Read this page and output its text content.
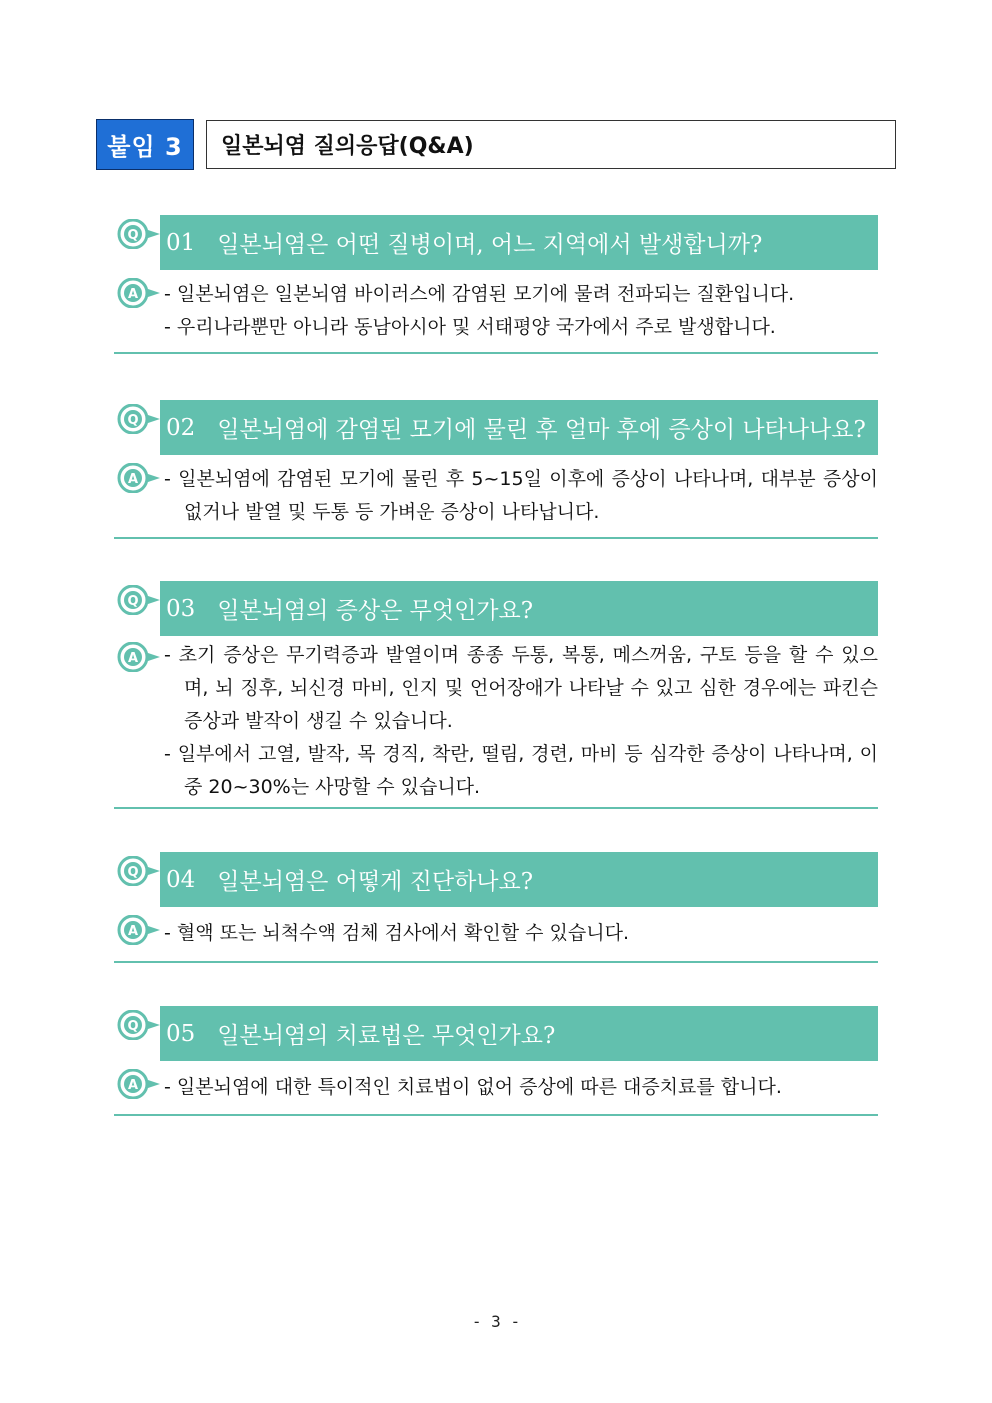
붙임 3	일본뇌염 질의응답(Q&A)
Q 01 일본뇌염은 어떤 질병이며, 어느 지역에서 발생합니까?
A - 일본뇌염은 일본뇌염 바이러스에 감염된 모기에 물려 전파되는 질환입니다.
- 우리나라뿐만 아니라 동남아시아 및 서태평양 국가에서 주로 발생합니다.
Q 02 일본뇌염에 감염된 모기에 물린 후 얼마 후에 증상이 나타나나요?
A - 일본뇌염에 감염된 모기에 물린 후 5~15일 이후에 증상이 나타나며, 대부분 증상이 없거나 발열 및 두통 등 가벼운 증상이 나타납니다.
Q 03 일본뇌염의 증상은 무엇인가요?
A - 초기 증상은 무기력증과 발열이며 종종 두통, 복통, 메스꺼움, 구토 등을 할 수 있으며, 뇌 징후, 뇌신경 마비, 인지 및 언어장애가 나타날 수 있고 심한 경우에는 파킨슨 증상과 발작이 생길 수 있습니다.
- 일부에서 고열, 발작, 목 경직, 착란, 떨림, 경련, 마비 등 심각한 증상이 나타나며, 이 중 20~30%는 사망할 수 있습니다.
Q 04 일본뇌염은 어떻게 진단하나요?
A - 혈액 또는 뇌척수액 검체 검사에서 확인할 수 있습니다.
Q 05 일본뇌염의 치료법은 무엇인가요?
A - 일본뇌염에 대한 특이적인 치료법이 없어 증상에 따른 대증치료를 합니다.
- 3 -
